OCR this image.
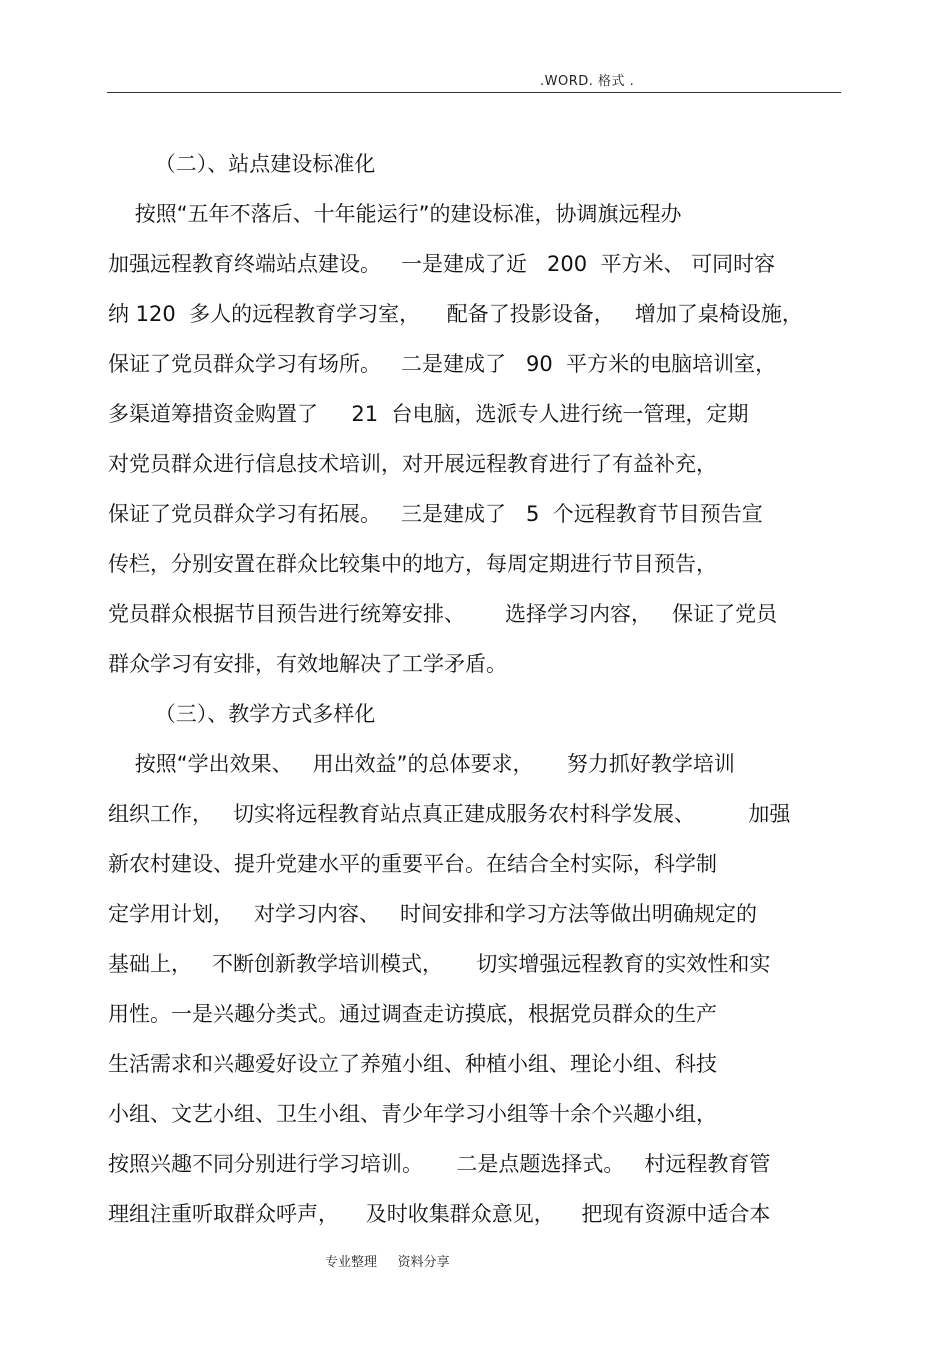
.WORD. 格式 .
（二）、站点建设标准化
按照“五年不落后、十年能运行”的建设标准，协调旗远程办
加强远程教育终端站点建设。   一是建成了近   200  平方米、 可同时容
纳 120  多人的远程教育学习室，    配备了投影设备，   增加了桌椅设施，
保证了党员群众学习有场所。   二是建成了   90  平方米的电脑培训室，
多渠道筹措资金购置了     21  台电脑，选派专人进行统一管理，定期
对党员群众进行信息技术培训，对开展远程教育进行了有益补充，
保证了党员群众学习有拓展。   三是建成了   5  个远程教育节目预告宣
传栏，分别安置在群众比较集中的地方，每周定期进行节目预告，
党员群众根据节目预告进行统筹安排、      选择学习内容，   保证了党员
群众学习有安排，有效地解决了工学矛盾。
（三）、教学方式多样化
按照“学出效果、   用出效益”的总体要求，     努力抓好教学培训
组织工作，   切实将远程教育站点真正建成服务农村科学发展、        加强
新农村建设、提升党建水平的重要平台。在结合全村实际，科学制
定学用计划，   对学习内容、   时间安排和学习方法等做出明确规定的
基础上，   不断创新教学培训模式，     切实增强远程教育的实效性和实
用性。一是兴趣分类式。通过调查走访摸底，根据党员群众的生产
生活需求和兴趣爱好设立了养殖小组、种植小组、理论小组、科技
小组、文艺小组、卫生小组、青少年学习小组等十余个兴趣小组，
按照兴趣不同分别进行学习培训。     二是点题选择式。   村远程教育管
理组注重听取群众呼声，    及时收集群众意见，    把现有资源中适合本
专业整理     资料分享
